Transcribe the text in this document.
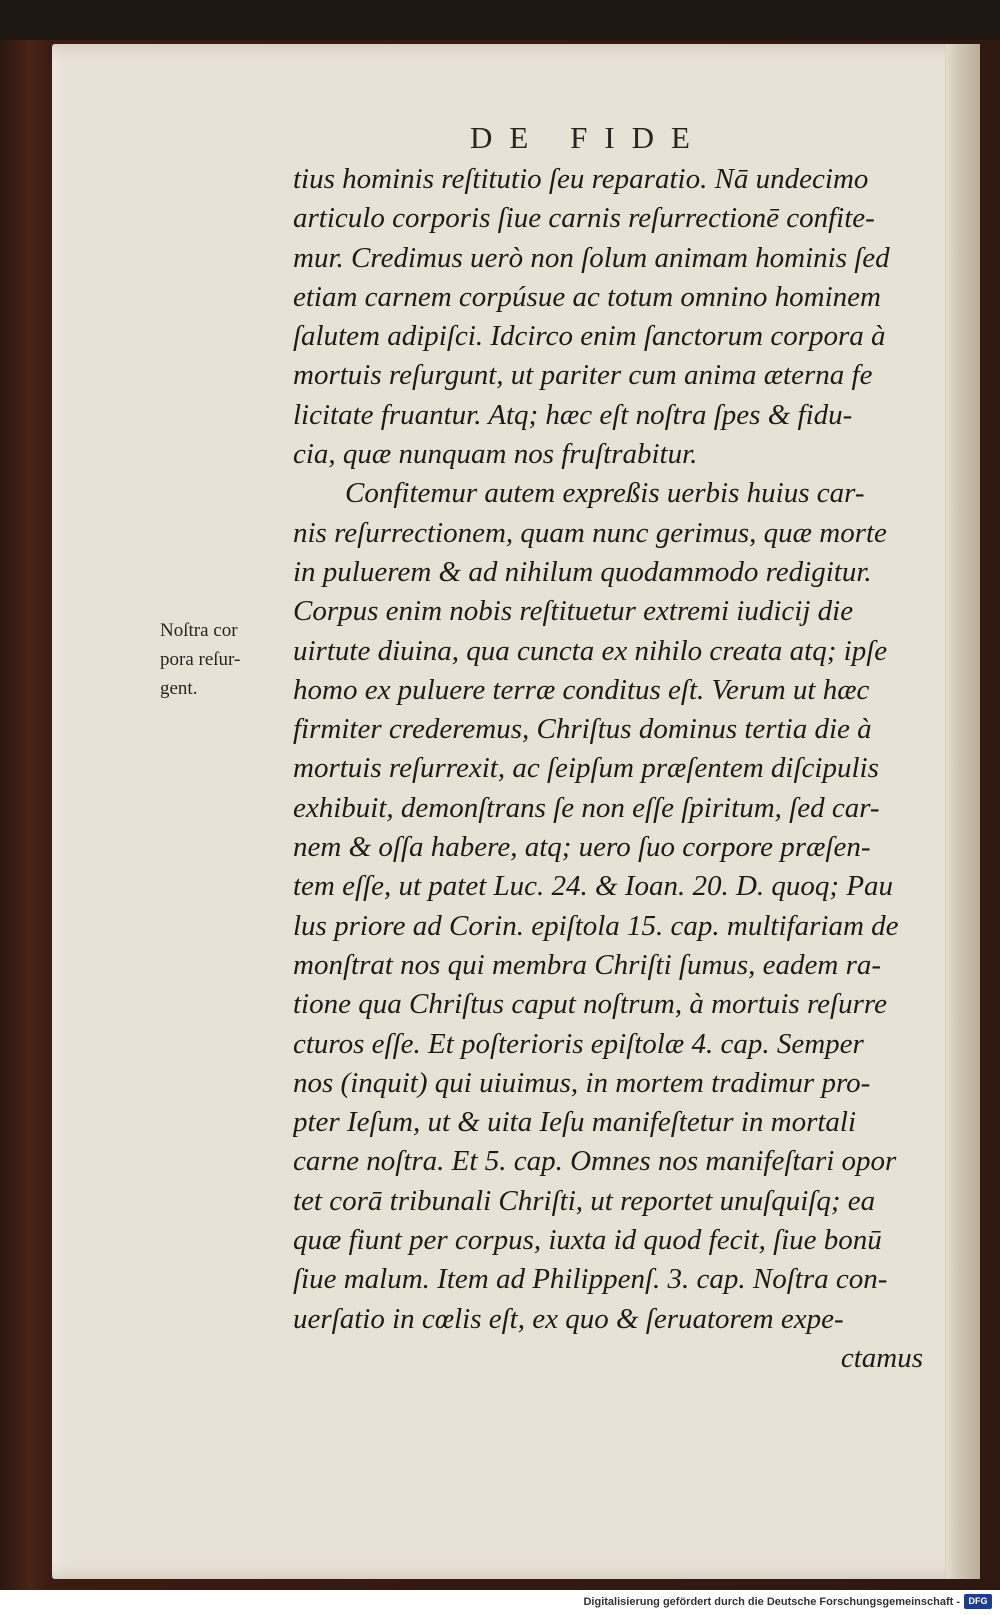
DE FIDE
Noſtra cor
pora reſur-
gent.
tius hominis reſtitutio ſeu reparatio. Nā undecimo
articulo corporis ſiue carnis reſurrectionē confite-
mur. Credimus uerò non ſolum animam hominis ſed
etiam carnem corpúsue ac totum omnino hominem
ſalutem adipiſci. Idcirco enim ſanctorum corpora à
mortuis reſurgunt, ut pariter cum anima æterna fe
licitate fruantur. Atq; hæc eſt noſtra ſpes & fidu-
cia, quæ nunquam nos fruſtrabitur.
Confitemur autem expreßis uerbis huius car-
nis reſurrectionem, quam nunc gerimus, quæ morte
in puluerem & ad nihilum quodammodo redigitur.
Corpus enim nobis reſtituetur extremi iudicij die
uirtute diuina, qua cuncta ex nihilo creata atq; ipſe
homo ex puluere terræ conditus eſt. Verum ut hæc
firmiter crederemus, Chriſtus dominus tertia die à
mortuis reſurrexit, ac ſeipſum præſentem diſcipulis
exhibuit, demonſtrans ſe non eſſe ſpiritum, ſed car-
nem & oſſa habere, atq; uero ſuo corpore præſen-
tem eſſe, ut patet Luc. 24. & Ioan. 20. D. quoq; Pau
lus priore ad Corin. epiſtola 15. cap. multifariam de
monſtrat nos qui membra Chriſti ſumus, eadem ra-
tione qua Chriſtus caput noſtrum, à mortuis reſurre
cturos eſſe. Et poſterioris epiſtolæ 4. cap. Semper
nos (inquit) qui uiuimus, in mortem tradimur pro-
pter Ieſum, ut & uita Ieſu manifeſtetur in mortali
carne noſtra. Et 5. cap. Omnes nos manifeſtari opor
tet corā tribunali Chriſti, ut reportet unuſquiſq; ea
quæ fiunt per corpus, iuxta id quod fecit, ſiue bonū
ſiue malum. Item ad Philippenſ. 3. cap. Noſtra con-
uerſatio in cœlis eſt, ex quo & ſeruatorem expe-
ctamus
Digitalisierung gefördert durch die Deutsche Forschungsgemeinschaft - DFG
